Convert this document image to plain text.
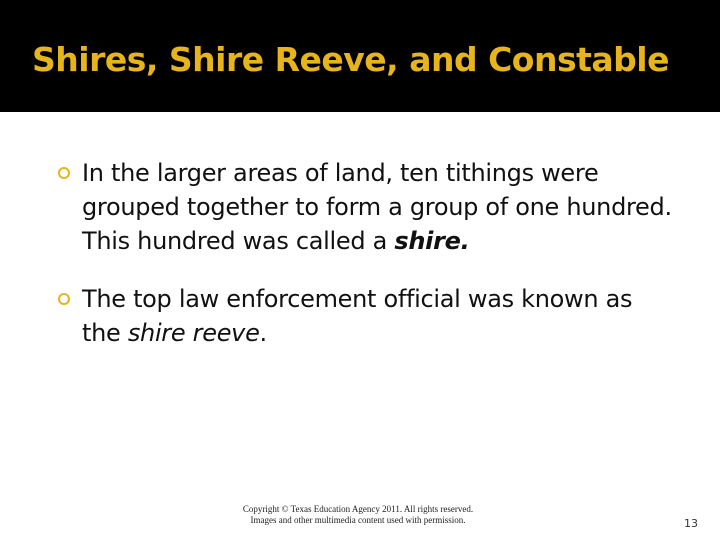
Shires, Shire Reeve, and Constable
In the larger areas of land, ten tithings were grouped together to form a group of one hundred. This hundred was called a shire.
The top law enforcement official was known as the shire reeve.
Copyright © Texas Education Agency 2011. All rights reserved.
Images and other multimedia content used with permission.	13
